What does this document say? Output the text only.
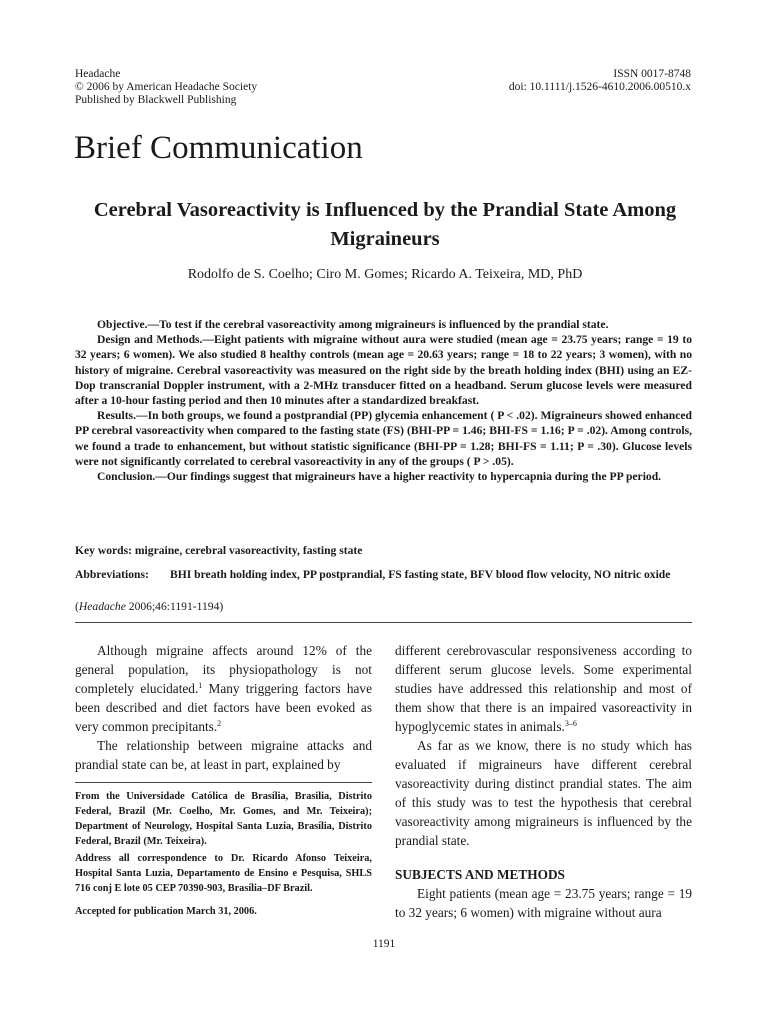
Headache
© 2006 by American Headache Society
Published by Blackwell Publishing
ISSN 0017-8748
doi: 10.1111/j.1526-4610.2006.00510.x
Brief Communication
Cerebral Vasoreactivity is Influenced by the Prandial State Among Migraineurs
Rodolfo de S. Coelho; Ciro M. Gomes; Ricardo A. Teixeira, MD, PhD

Objective.—To test if the cerebral vasoreactivity among migraineurs is influenced by the prandial state.

Design and Methods.—Eight patients with migraine without aura were studied (mean age = 23.75 years; range = 19 to 32 years; 6 women). We also studied 8 healthy controls (mean age = 20.63 years; range = 18 to 22 years; 3 women), with no history of migraine. Cerebral vasoreactivity was measured on the right side by the breath holding index (BHI) using an EZ-Dop transcranial Doppler instrument, with a 2-MHz transducer fitted on a headband. Serum glucose levels were measured after a 10-hour fasting period and then 10 minutes after a standardized breakfast.

Results.—In both groups, we found a postprandial (PP) glycemia enhancement ( P < .02). Migraineurs showed enhanced PP cerebral vasoreactivity when compared to the fasting state (FS) (BHI-PP = 1.46; BHI-FS = 1.16; P = .02). Among controls, we found a trade to enhancement, but without statistic significance (BHI-PP = 1.28; BHI-FS = 1.11; P = .30). Glucose levels were not significantly correlated to cerebral vasoreactivity in any of the groups ( P > .05).

Conclusion.—Our findings suggest that migraineurs have a higher reactivity to hypercapnia during the PP period.

Key words: migraine, cerebral vasoreactivity, fasting state
Abbreviations:	BHI breath holding index, PP postprandial, FS fasting state, BFV blood flow velocity, NO nitric oxide
(Headache 2006;46:1191-1194)

Although migraine affects around 12% of the general population, its physiopathology is not completely elucidated.$^1$ Many triggering factors have been described and diet factors have been evoked as very common precipitants.$^2$

The relationship between migraine attacks and prandial state can be, at least in part, explained by

From the Universidade Católica de Brasília, Brasilia, Distrito Federal, Brazil (Mr. Coelho, Mr. Gomes, and Mr. Teixeira); Department of Neurology, Hospital Santa Luzia, Brasília, Distrito Federal, Brazil (Mr. Teixeira).
Address all correspondence to Dr. Ricardo Afonso Teixeira, Hospital Santa Luzia, Departamento de Ensino e Pesquisa, SHLS 716 conj E lote 05 CEP 70390-903, Brasília–DF Brazil.
Accepted for publication March 31, 2006.

different cerebrovascular responsiveness according to different serum glucose levels. Some experimental studies have addressed this relationship and most of them show that there is an impaired vasoreactivity in hypoglycemic states in animals.$^{3-6}$

As far as we know, there is no study which has evaluated if migraineurs have different cerebral vasoreactivity during distinct prandial states. The aim of this study was to test the hypothesis that cerebral vasoreactivity among migraineurs is influenced by the prandial state.

SUBJECTS AND METHODS

Eight patients (mean age = 23.75 years; range = 19 to 32 years; 6 women) with migraine without aura

1191
